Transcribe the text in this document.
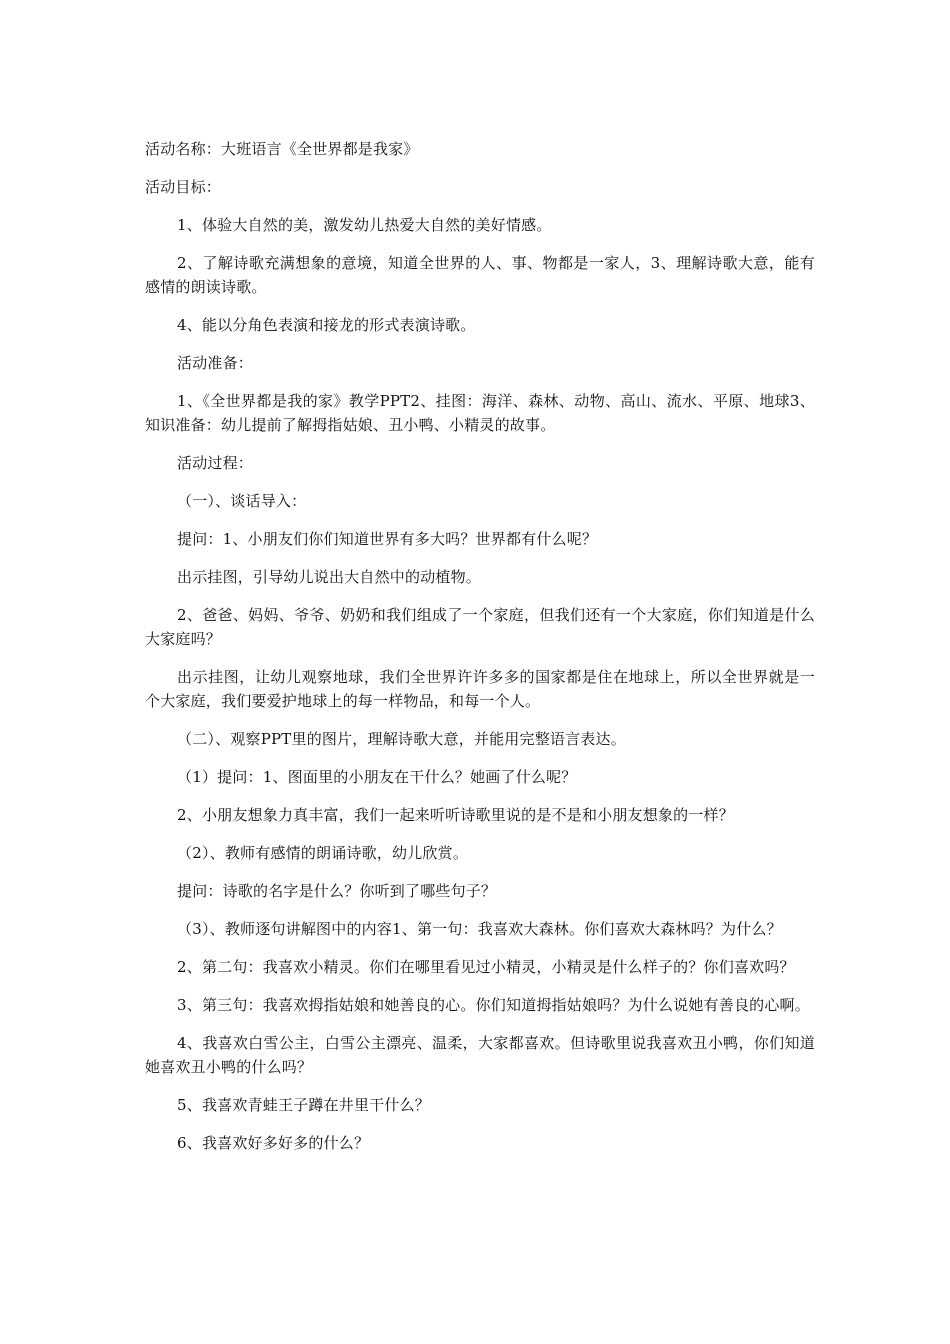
活动名称：大班语言《全世界都是我家》

活动目标：

1、体验大自然的美，激发幼儿热爱大自然的美好情感。

2、了解诗歌充满想象的意境，知道全世界的人、事、物都是一家人，3、理解诗歌大意，能有感情的朗读诗歌。

4、能以分角色表演和接龙的形式表演诗歌。

活动准备：

1、《全世界都是我的家》教学PPT2、挂图：海洋、森林、动物、高山、流水、平原、地球3、知识准备：幼儿提前了解拇指姑娘、丑小鸭、小精灵的故事。

活动过程：

（一）、谈话导入：

提问：1、小朋友们你们知道世界有多大吗？世界都有什么呢？

出示挂图，引导幼儿说出大自然中的动植物。

2、爸爸、妈妈、爷爷、奶奶和我们组成了一个家庭，但我们还有一个大家庭，你们知道是什么大家庭吗？

出示挂图，让幼儿观察地球，我们全世界许许多多的国家都是住在地球上，所以全世界就是一个大家庭，我们要爱护地球上的每一样物品，和每一个人。

（二）、观察PPT里的图片，理解诗歌大意，并能用完整语言表达。

（1）提问：1、图面里的小朋友在干什么？她画了什么呢？

2、小朋友想象力真丰富，我们一起来听听诗歌里说的是不是和小朋友想象的一样？

（2）、教师有感情的朗诵诗歌，幼儿欣赏。

提问：诗歌的名字是什么？你听到了哪些句子？

（3）、教师逐句讲解图中的内容1、第一句：我喜欢大森林。你们喜欢大森林吗？为什么？

2、第二句：我喜欢小精灵。你们在哪里看见过小精灵，小精灵是什么样子的？你们喜欢吗？

3、第三句：我喜欢拇指姑娘和她善良的心。你们知道拇指姑娘吗？为什么说她有善良的心啊。

4、我喜欢白雪公主，白雪公主漂亮、温柔，大家都喜欢。但诗歌里说我喜欢丑小鸭，你们知道她喜欢丑小鸭的什么吗？

5、我喜欢青蛙王子蹲在井里干什么？

6、我喜欢好多好多的什么？
